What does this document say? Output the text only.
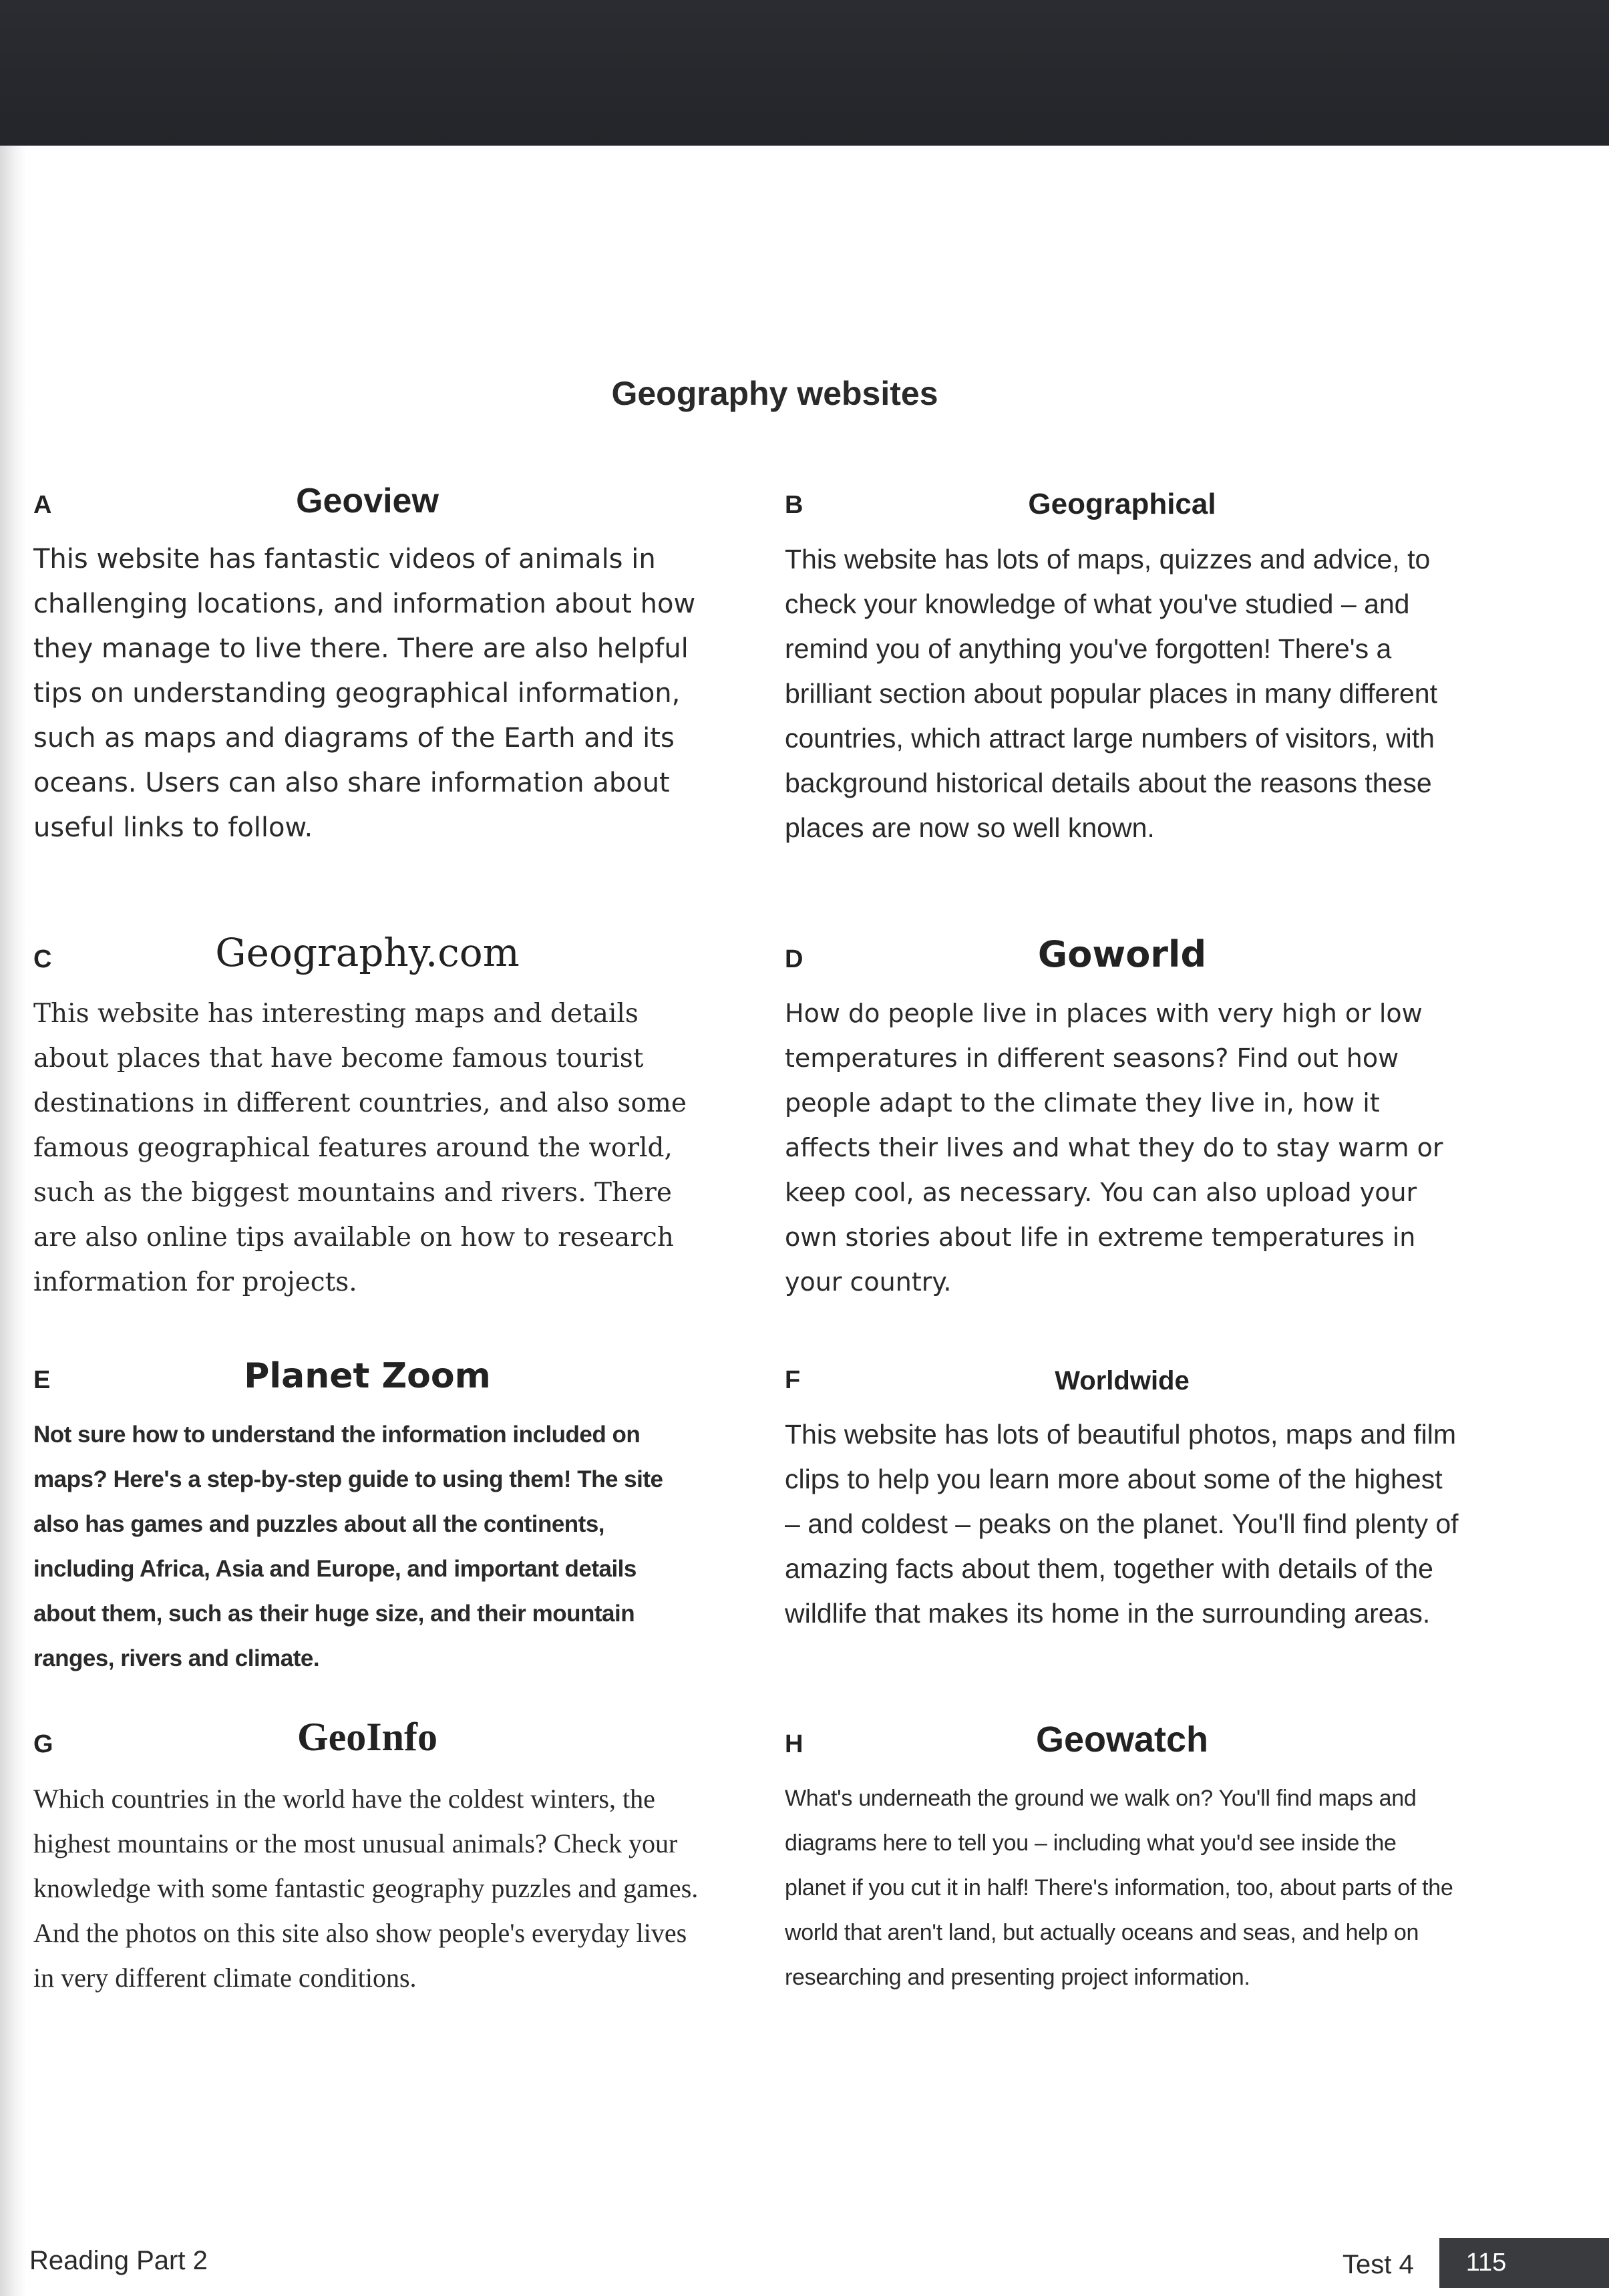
Geography websites
A	Geoview
This website has fantastic videos of animals in challenging locations, and information about how they manage to live there. There are also helpful tips on understanding geographical information, such as maps and diagrams of the Earth and its oceans. Users can also share information about useful links to follow.
B	Geographical
This website has lots of maps, quizzes and advice, to check your knowledge of what you've studied – and remind you of anything you've forgotten! There's a brilliant section about popular places in many different countries, which attract large numbers of visitors, with background historical details about the reasons these places are now so well known.
C	Geography.com
This website has interesting maps and details about places that have become famous tourist destinations in different countries, and also some famous geographical features around the world, such as the biggest mountains and rivers. There are also online tips available on how to research information for projects.
D	Goworld
How do people live in places with very high or low temperatures in different seasons? Find out how people adapt to the climate they live in, how it affects their lives and what they do to stay warm or keep cool, as necessary. You can also upload your own stories about life in extreme temperatures in your country.
E	Planet Zoom
Not sure how to understand the information included on maps? Here's a step-by-step guide to using them! The site also has games and puzzles about all the continents, including Africa, Asia and Europe, and important details about them, such as their huge size, and their mountain ranges, rivers and climate.
F	Worldwide
This website has lots of beautiful photos, maps and film clips to help you learn more about some of the highest – and coldest – peaks on the planet. You'll find plenty of amazing facts about them, together with details of the wildlife that makes its home in the surrounding areas.
G	GeoInfo
Which countries in the world have the coldest winters, the highest mountains or the most unusual animals? Check your knowledge with some fantastic geography puzzles and games. And the photos on this site also show people's everyday lives in very different climate conditions.
H	Geowatch
What's underneath the ground we walk on? You'll find maps and diagrams here to tell you – including what you'd see inside the planet if you cut it in half! There's information, too, about parts of the world that aren't land, but actually oceans and seas, and help on researching and presenting project information.
Reading Part 2	Test 4	115
